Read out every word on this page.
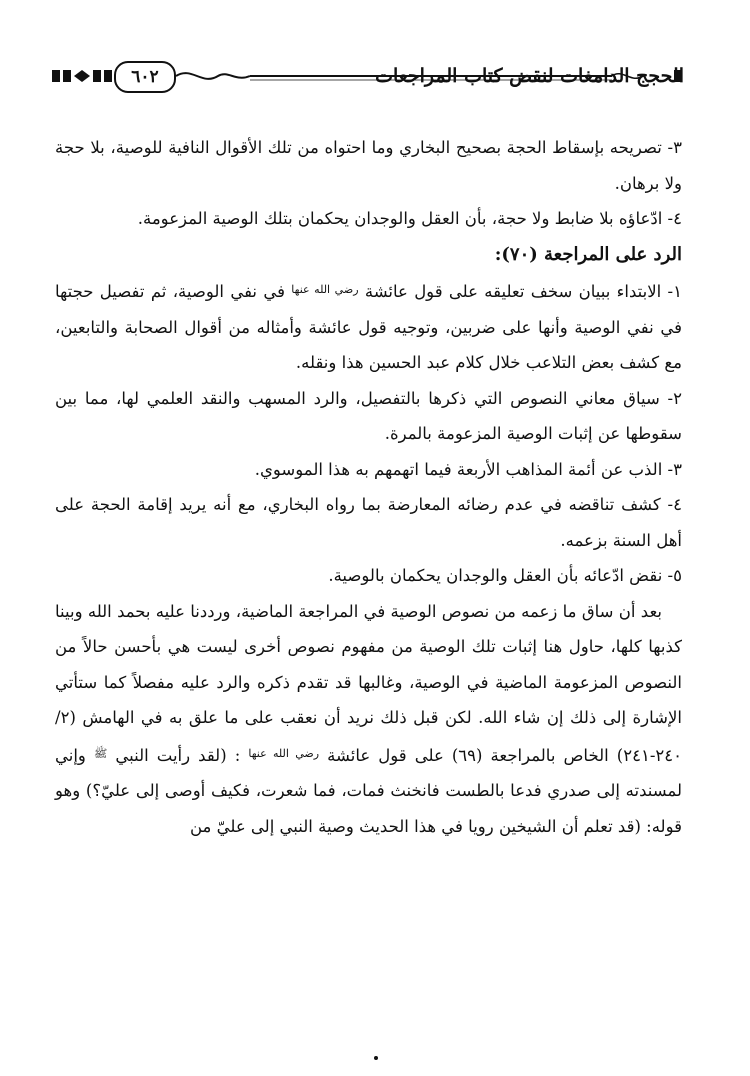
٦٠٢	الحجج الدامغات لنقض كتاب المراجعات

٣- تصريحه بإسقاط الحجة بصحيح البخاري وما احتواه من تلك الأقوال النافية للوصية، بلا حجة ولا برهان.

٤- ادّعاؤه بلا ضابط ولا حجة، بأن العقل والوجدان يحكمان بتلك الوصية المزعومة.

الرد على المراجعة (٧٠):

١- الابتداء ببيان سخف تعليقه على قول عائشة $^{رضي الله عنها}$ في نفي الوصية، ثم تفصيل حجتها في نفي الوصية وأنها على ضربين، وتوجيه قول عائشة وأمثاله من أقوال الصحابة والتابعين، مع كشف بعض التلاعب خلال كلام عبد الحسين هذا ونقله.

٢- سياق معاني النصوص التي ذكرها بالتفصيل، والرد المسهب والنقد العلمي لها، مما بين سقوطها عن إثبات الوصية المزعومة بالمرة.

٣- الذب عن أئمة المذاهب الأربعة فيما اتهمهم به هذا الموسوي.

٤- كشف تناقضه في عدم رضائه المعارضة بما رواه البخاري، مع أنه يريد إقامة الحجة على أهل السنة بزعمه.

٥- نقض ادّعائه بأن العقل والوجدان يحكمان بالوصية.

بعد أن ساق ما زعمه من نصوص الوصية في المراجعة الماضية، ورددنا عليه بحمد الله وبينا كذبها كلها، حاول هنا إثبات تلك الوصية من مفهوم نصوص أخرى ليست هي بأحسن حالاً من النصوص المزعومة الماضية في الوصية، وغالبها قد تقدم ذكره والرد عليه مفصلاً كما ستأتي الإشارة إلى ذلك إن شاء الله. لكن قبل ذلك نريد أن نعقب على ما علق به في الهامش (٢/ ٢٤٠-٢٤١) الخاص بالمراجعة (٦٩) على قول عائشة $^{رضي الله عنها}$ : (لقد رأيت النبي $^ﷺ$ وإني لمسندته إلى صدري فدعا بالطست فانخنث فمات، فما شعرت، فكيف أوصى إلى عليّ؟) وهو قوله: (قد تعلم أن الشيخين رويا في هذا الحديث وصية النبي إلى عليّ من
